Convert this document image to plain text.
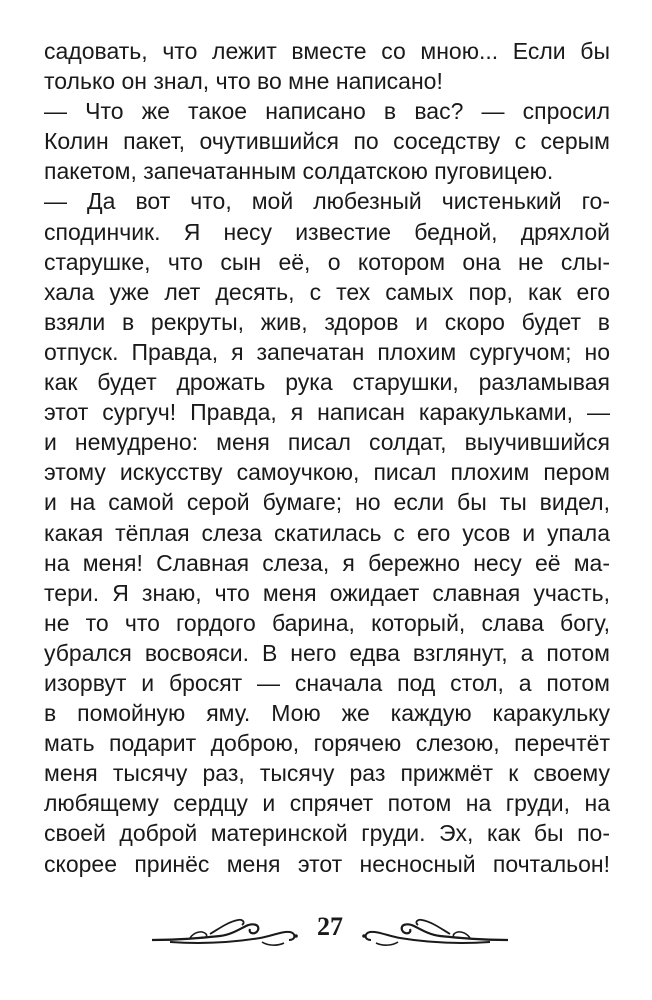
садовать, что лежит вместе со мною... Если бы
только он знал, что во мне написано!
— Что же такое написано в вас? — спросил
Колин пакет, очутившийся по соседству с серым
пакетом, запечатанным солдатскою пуговицею.
— Да вот что, мой любезный чистенький го-
сподинчик. Я несу известие бедной, дряхлой
старушке, что сын её, о котором она не слы-
хала уже лет десять, с тех самых пор, как его
взяли в рекруты, жив, здоров и скоро будет в
отпуск. Правда, я запечатан плохим сургучом; но
как будет дрожать рука старушки, разламывая
этот сургуч! Правда, я написан каракульками, —
и немудрено: меня писал солдат, выучившийся
этому искусству самоучкою, писал плохим пером
и на самой серой бумаге; но если бы ты видел,
какая тёплая слеза скатилась с его усов и упала
на меня! Славная слеза, я бережно несу её ма-
тери. Я знаю, что меня ожидает славная участь,
не то что гордого барина, который, слава богу,
убрался восвояси. В него едва взглянут, а потом
изорвут и бросят — сначала под стол, а потом
в помойную яму. Мою же каждую каракульку
мать подарит доброю, горячею слезою, перечтёт
меня тысячу раз, тысячу раз прижмёт к своему
любящему сердцу и спрячет потом на груди, на
своей доброй материнской груди. Эх, как бы по-
скорее принёс меня этот несносный почтальон!
27
